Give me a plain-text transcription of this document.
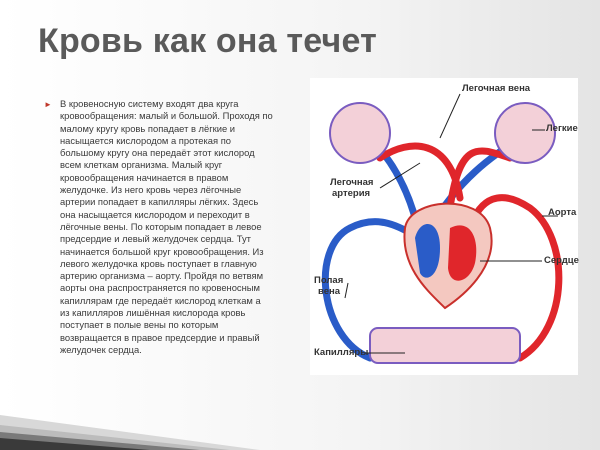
Кровь как она течет
► В кровеносную систему входят два круга
кровообращения: малый и большой. Проходя по
малому кругу кровь попадает в лёгкие и
насыщается кислородом а протекая по
большому кругу она передаёт этот кислород
всем клеткам организма. Малый круг
кровообращения начинается в правом
желудочке. Из него кровь через лёгочные
артерии попадает в капилляры лёгких. Здесь
она насыщается кислородом и переходит в
лёгочные вены. По которым попадает в левое
предсердие и левый желудочек сердца. Тут
начинается большой круг кровообращения. Из
левого желудочка кровь поступает в главную
артерию организма – аорту. Пройдя по ветвям
аорты она распространяется по кровеносным
капиллярам где передаёт кислород клеткам а
из капилляров лишённая кислорода кровь
поступает в полые вены по которым
возвращается в правое предсердие и правый
желудочек сердца.
Легочная вена
Легкие
Легочная
артерия
Аорта
Сердце
Полая
вена
Капилляры
